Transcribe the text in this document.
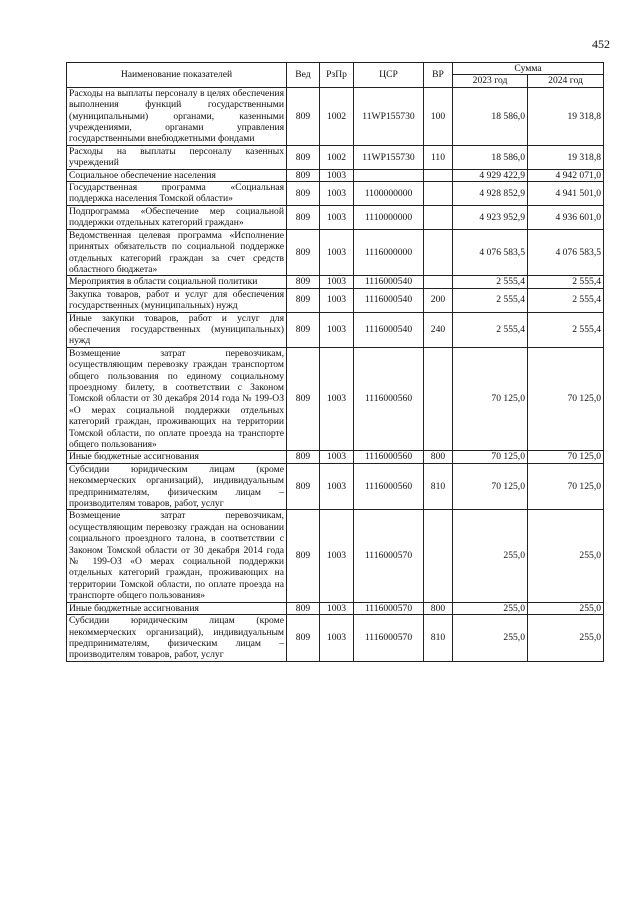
452
Наименование показателей	Вед	РзПр	ЦСР	ВР	Сумма	
					2023 год	2024 год
Расходы на выплаты персоналу в целях обеспечения выполнения функций государственными (муниципальными) органами, казенными учреждениями, органами управления государственными внебюджетными фондами	809	1002	11WP155730	100	18 586,0	19 318,8
Расходы на выплаты персоналу казенных учреждений	809	1002	11WP155730	110	18 586,0	19 318,8
Социальное обеспечение населения	809	1003			4 929 422,9	4 942 071,0
Государственная программа «Социальная поддержка населения Томской области»	809	1003	1100000000		4 928 852,9	4 941 501,0
Подпрограмма «Обеспечение мер социальной поддержки отдельных категорий граждан»	809	1003	1110000000		4 923 952,9	4 936 601,0
Ведомственная целевая программа «Исполнение принятых обязательств по социальной поддержке отдельных категорий граждан за счет средств областного бюджета»	809	1003	1116000000		4 076 583,5	4 076 583,5
Мероприятия в области социальной политики	809	1003	1116000540		2 555,4	2 555,4
Закупка товаров, работ и услуг для обеспечения государственных (муниципальных) нужд	809	1003	1116000540	200	2 555,4	2 555,4
Иные закупки товаров, работ и услуг для обеспечения государственных (муниципальных) нужд	809	1003	1116000540	240	2 555,4	2 555,4
Возмещение затрат перевозчикам, осуществляющим перевозку граждан транспортом общего пользования по единому социальному проездному билету, в соответствии с Законом Томской области от 30 декабря 2014 года № 199-ОЗ «О мерах социальной поддержки отдельных категорий граждан, проживающих на территории Томской области, по оплате проезда на транспорте общего пользования»	809	1003	1116000560		70 125,0	70 125,0
Иные бюджетные ассигнования	809	1003	1116000560	800	70 125,0	70 125,0
Субсидии юридическим лицам (кроме некоммерческих организаций), индивидуальным предпринимателям, физическим лицам – производителям товаров, работ, услуг	809	1003	1116000560	810	70 125,0	70 125,0
Возмещение затрат перевозчикам, осуществляющим перевозку граждан на основании социального проездного талона, в соответствии с Законом Томской области от 30 декабря 2014 года № 199-ОЗ «О мерах социальной поддержки отдельных категорий граждан, проживающих на территории Томской области, по оплате проезда на транспорте общего пользования»	809	1003	1116000570		255,0	255,0
Иные бюджетные ассигнования	809	1003	1116000570	800	255,0	255,0
Субсидии юридическим лицам (кроме некоммерческих организаций), индивидуальным предпринимателям, физическим лицам – производителям товаров, работ, услуг	809	1003	1116000570	810	255,0	255,0
